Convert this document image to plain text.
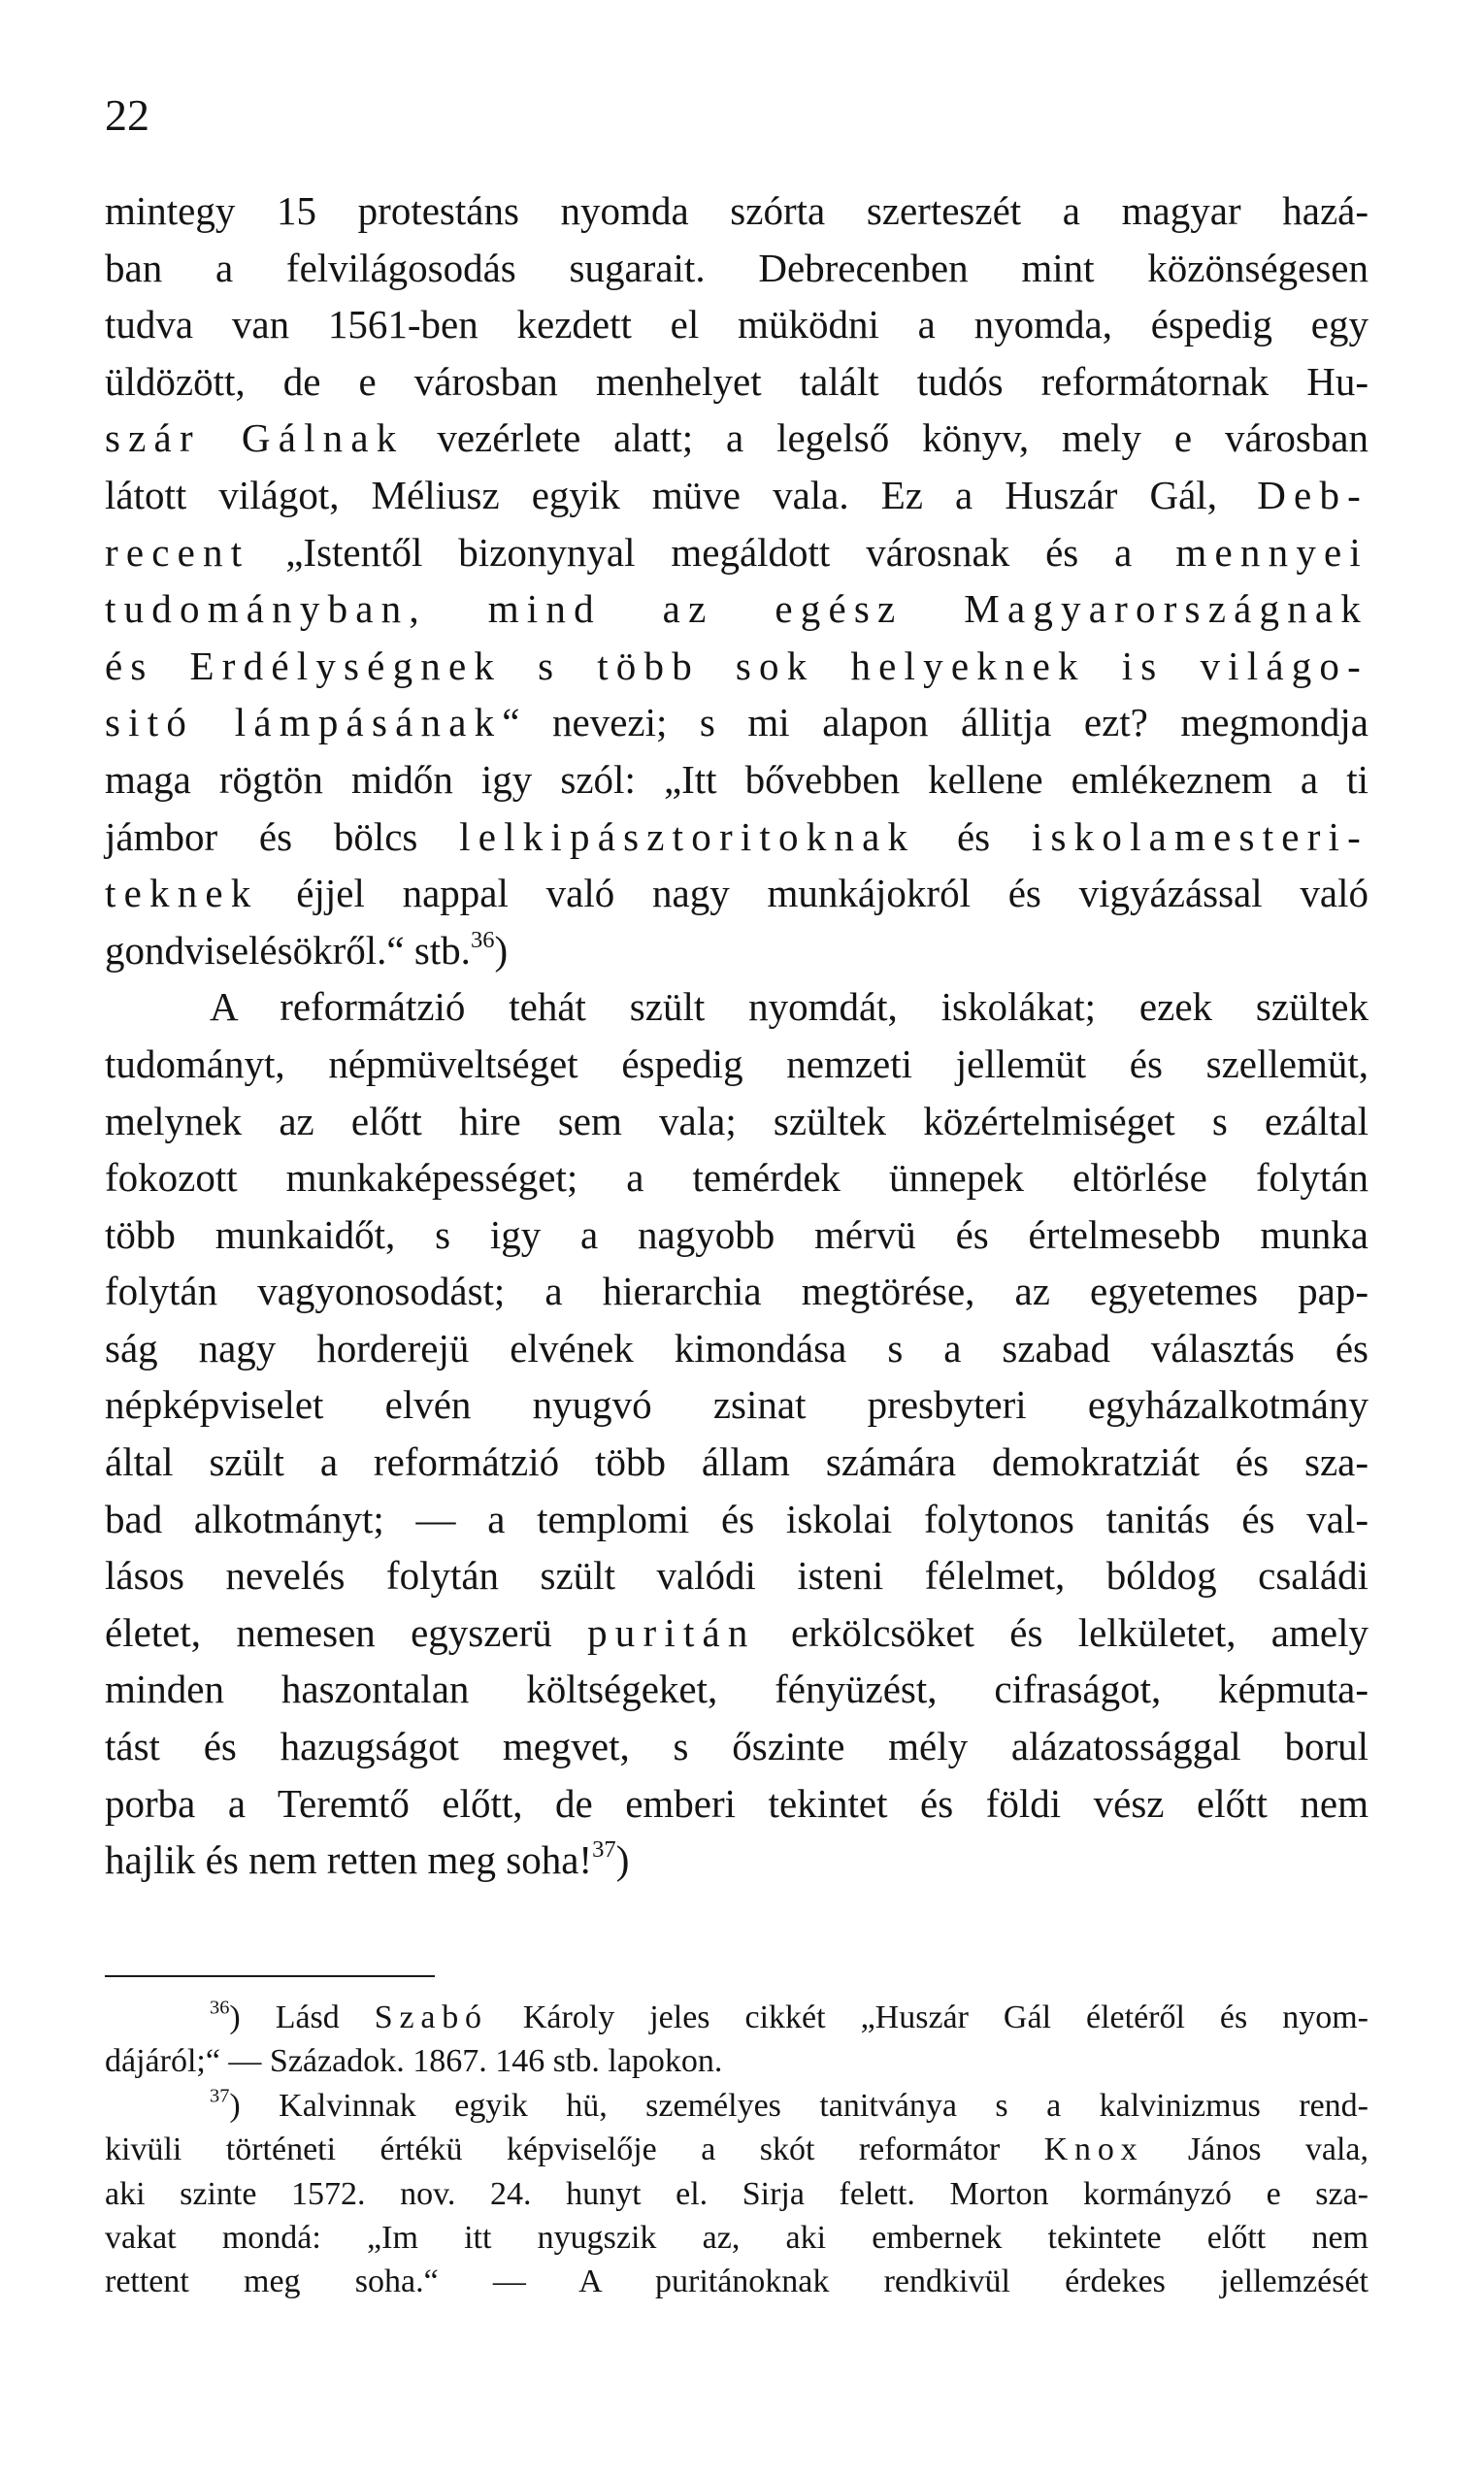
22
mintegy 15 protestáns nyomda szórta szerteszét a magyar hazá-
ban a felvilágosodás sugarait. Debrecenben mint közönségesen
tudva van 1561-ben kezdett el müködni a nyomda, éspedig egy
üldözött, de e városban menhelyet talált tudós reformátornak Hu-
szár Gálnak vezérlete alatt; a legelső könyv, mely e városban
látott világot, Méliusz egyik müve vala. Ez a Huszár Gál, Deb-
recent „Istentől bizonynyal megáldott városnak és a mennyei
tudományban, mind az egész Magyarországnak
és Erdélységnek s több sok helyeknek is világo-
sitó lámpásának“ nevezi; s mi alapon állitja ezt? megmondja
maga rögtön midőn igy szól: „Itt bővebben kellene emlékeznem a ti
jámbor és bölcs lelkipásztoritoknak és iskolamesteri-
teknek éjjel nappal való nagy munkájokról és vigyázással való
gondviselésökről.“ stb.$^{36}$)
A reformátzió tehát szült nyomdát, iskolákat; ezek szültek
tudományt, népmüveltséget éspedig nemzeti jellemüt és szellemüt,
melynek az előtt hire sem vala; szültek közértelmiséget s ezáltal
fokozott munkaképességet; a temérdek ünnepek eltörlése folytán
több munkaidőt, s igy a nagyobb mérvü és értelmesebb munka
folytán vagyonosodást; a hierarchia megtörése, az egyetemes pap-
ság nagy horderejü elvének kimondása s a szabad választás és
népképviselet elvén nyugvó zsinat presbyteri egyházalkotmány
által szült a reformátzió több állam számára demokratziát és sza-
bad alkotmányt; — a templomi és iskolai folytonos tanitás és val-
lásos nevelés folytán szült valódi isteni félelmet, bóldog családi
életet, nemesen egyszerü puritán erkölcsöket és lelkületet, amely
minden haszontalan költségeket, fényüzést, cifraságot, képmuta-
tást és hazugságot megvet, s őszinte mély alázatossággal borul
porba a Teremtő előtt, de emberi tekintet és földi vész előtt nem
hajlik és nem retten meg soha!$^{37}$)
$^{36}$) Lásd Szabó Károly jeles cikkét „Huszár Gál életéről és nyom-
dájáról;“ — Századok. 1867. 146 stb. lapokon.
$^{37}$) Kalvinnak egyik hü, személyes tanitványa s a kalvinizmus rend-
kivüli történeti értékü képviselője a skót reformátor Knox János vala,
aki szinte 1572. nov. 24. hunyt el. Sirja felett. Morton kormányzó e sza-
vakat mondá: „Im itt nyugszik az, aki embernek tekintete előtt nem
rettent meg soha.“ — A puritánoknak rendkivül érdekes jellemzését
